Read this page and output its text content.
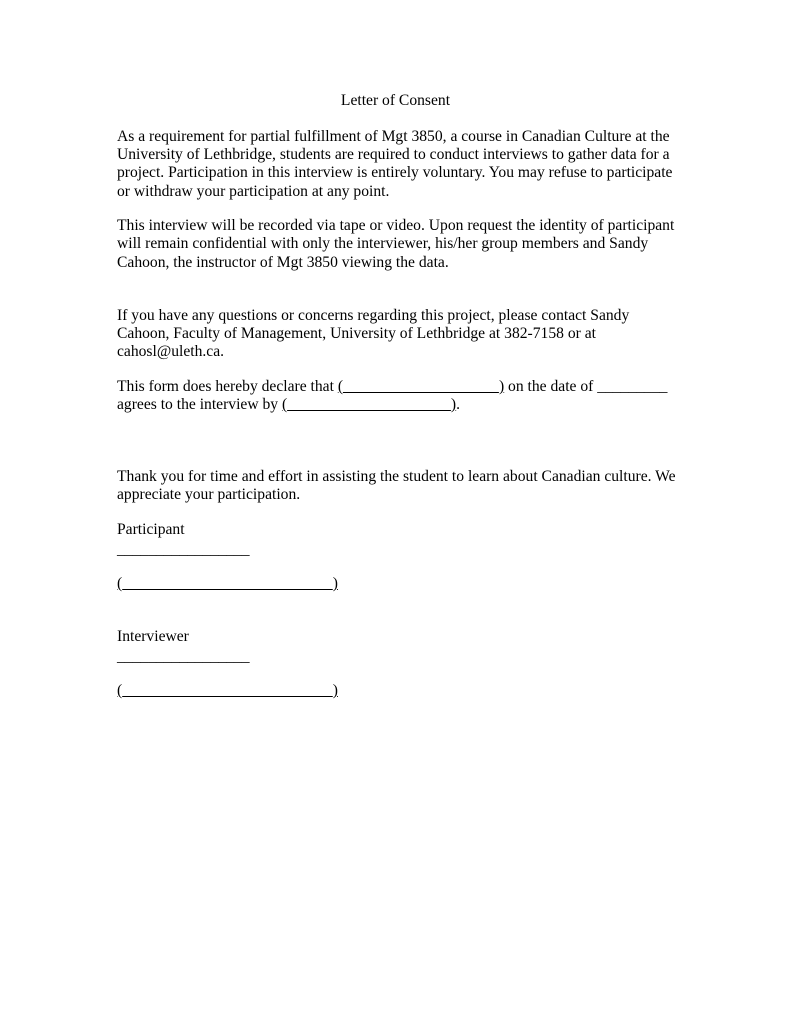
Letter of Consent
As a requirement for partial fulfillment of Mgt 3850, a course in Canadian Culture at the
University of Lethbridge, students are required to conduct interviews to gather data for a
project. Participation in this interview is entirely voluntary. You may refuse to participate
or withdraw your participation at any point.
This interview will be recorded via tape or video. Upon request the identity of participant
will remain confidential with only the interviewer, his/her group members and Sandy
Cahoon, the instructor of Mgt 3850 viewing the data.
If you have any questions or concerns regarding this project, please contact Sandy
Cahoon, Faculty of Management, University of Lethbridge at 382-7158 or at
cahosl@uleth.ca.
This form does hereby declare that (____________________) on the date of _________
agrees to the interview by (_____________________).
Thank you for time and effort in assisting the student to learn about Canadian culture. We
appreciate your participation.
Participant
_________________
(___________________________)
Interviewer
_________________
(___________________________)
